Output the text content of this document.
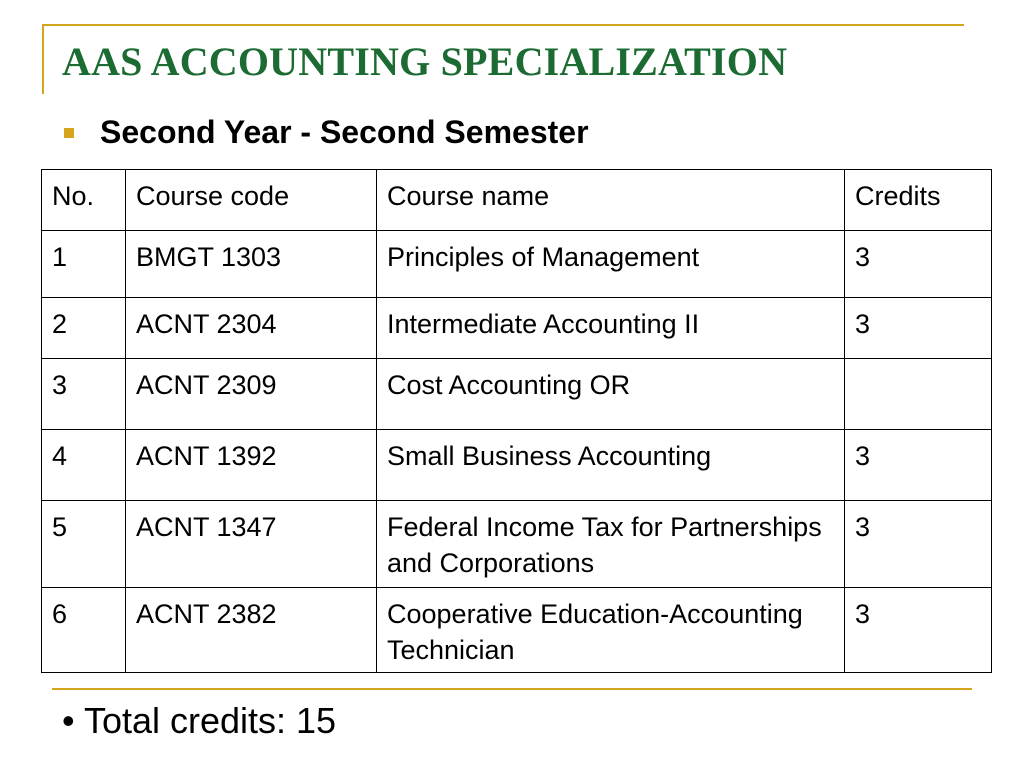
AAS ACCOUNTING SPECIALIZATION
Second Year - Second Semester
No.	Course code	Course name	Credits
1	BMGT 1303	Principles of Management	3
2	ACNT 2304	Intermediate Accounting II	3
3	ACNT 2309	Cost Accounting OR	
4	ACNT 1392	Small Business Accounting	3
5	ACNT 1347	Federal Income Tax for Partnerships and Corporations	3
6	ACNT 2382	Cooperative Education-Accounting Technician	3
• Total credits: 15
